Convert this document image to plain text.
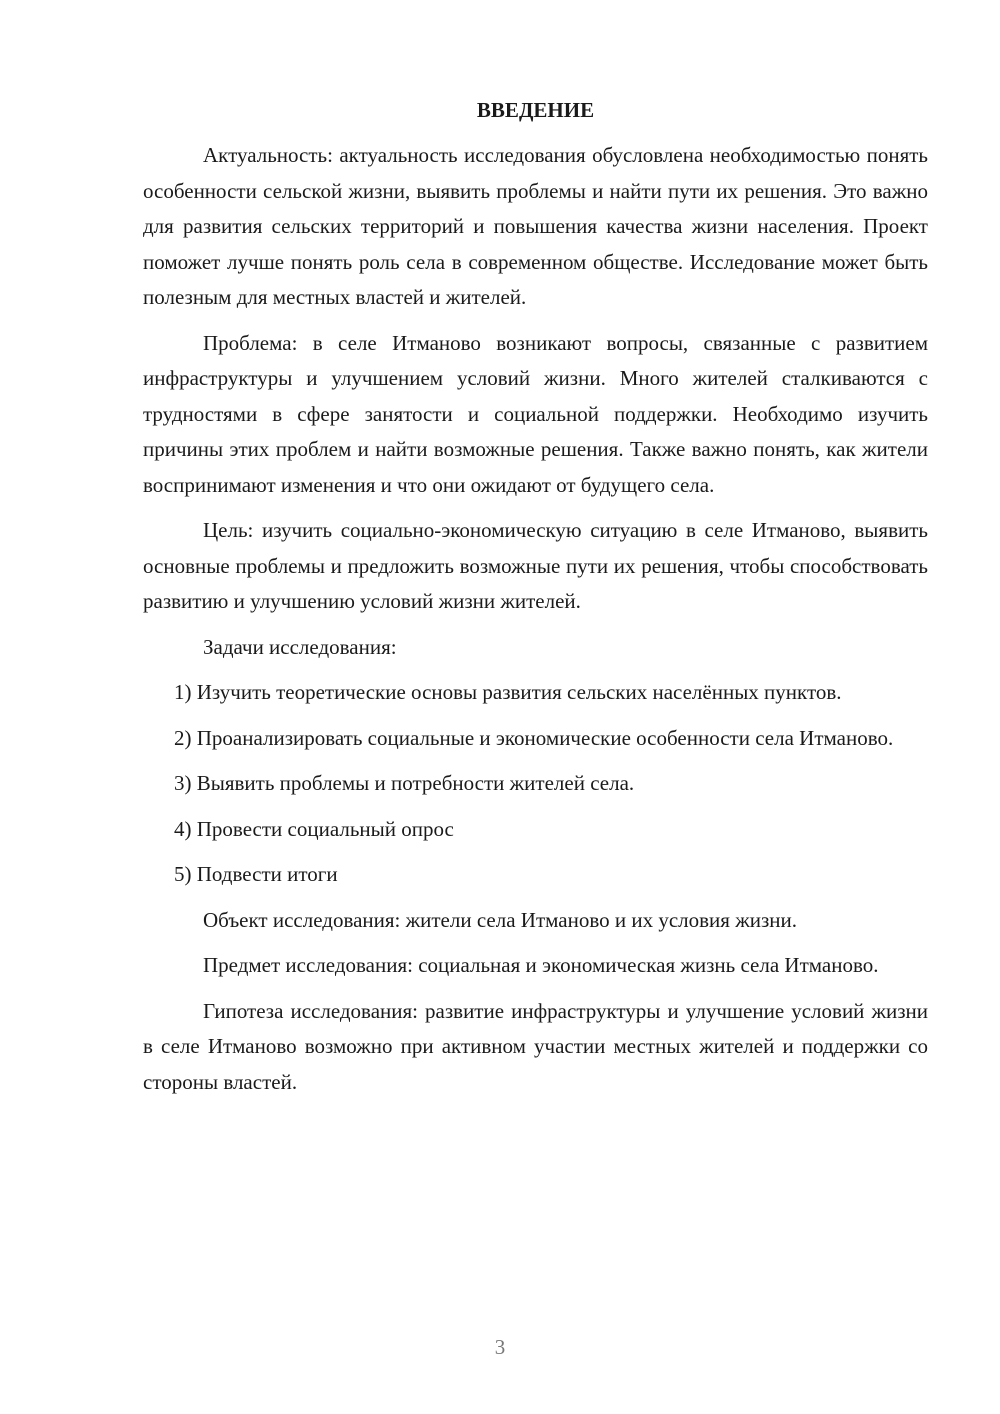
ВВЕДЕНИЕ

Актуальность: актуальность исследования обусловлена необходимостью понять особенности сельской жизни, выявить проблемы и найти пути их решения. Это важно для развития сельских территорий и повышения качества жизни населения. Проект поможет лучше понять роль села в современном обществе. Исследование может быть полезным для местных властей и жителей.

Проблема: в селе Итманово возникают вопросы, связанные с развитием инфраструктуры и улучшением условий жизни. Много жителей сталкиваются с трудностями в сфере занятости и социальной поддержки. Необходимо изучить причины этих проблем и найти возможные решения. Также важно понять, как жители воспринимают изменения и что они ожидают от будущего села.

Цель: изучить социально-экономическую ситуацию в селе Итманово, выявить основные проблемы и предложить возможные пути их решения, чтобы способствовать развитию и улучшению условий жизни жителей.

Задачи исследования:

1) Изучить теоретические основы развития сельских населённых пунктов.

2) Проанализировать социальные и экономические особенности села Итманово.

3) Выявить проблемы и потребности жителей села.

4) Провести социальный опрос

5) Подвести итоги

Объект исследования: жители села Итманово и их условия жизни.

Предмет исследования: социальная и экономическая жизнь села Итманово.

Гипотеза исследования: развитие инфраструктуры и улучшение условий жизни в селе Итманово возможно при активном участии местных жителей и поддержки со стороны властей.

3
